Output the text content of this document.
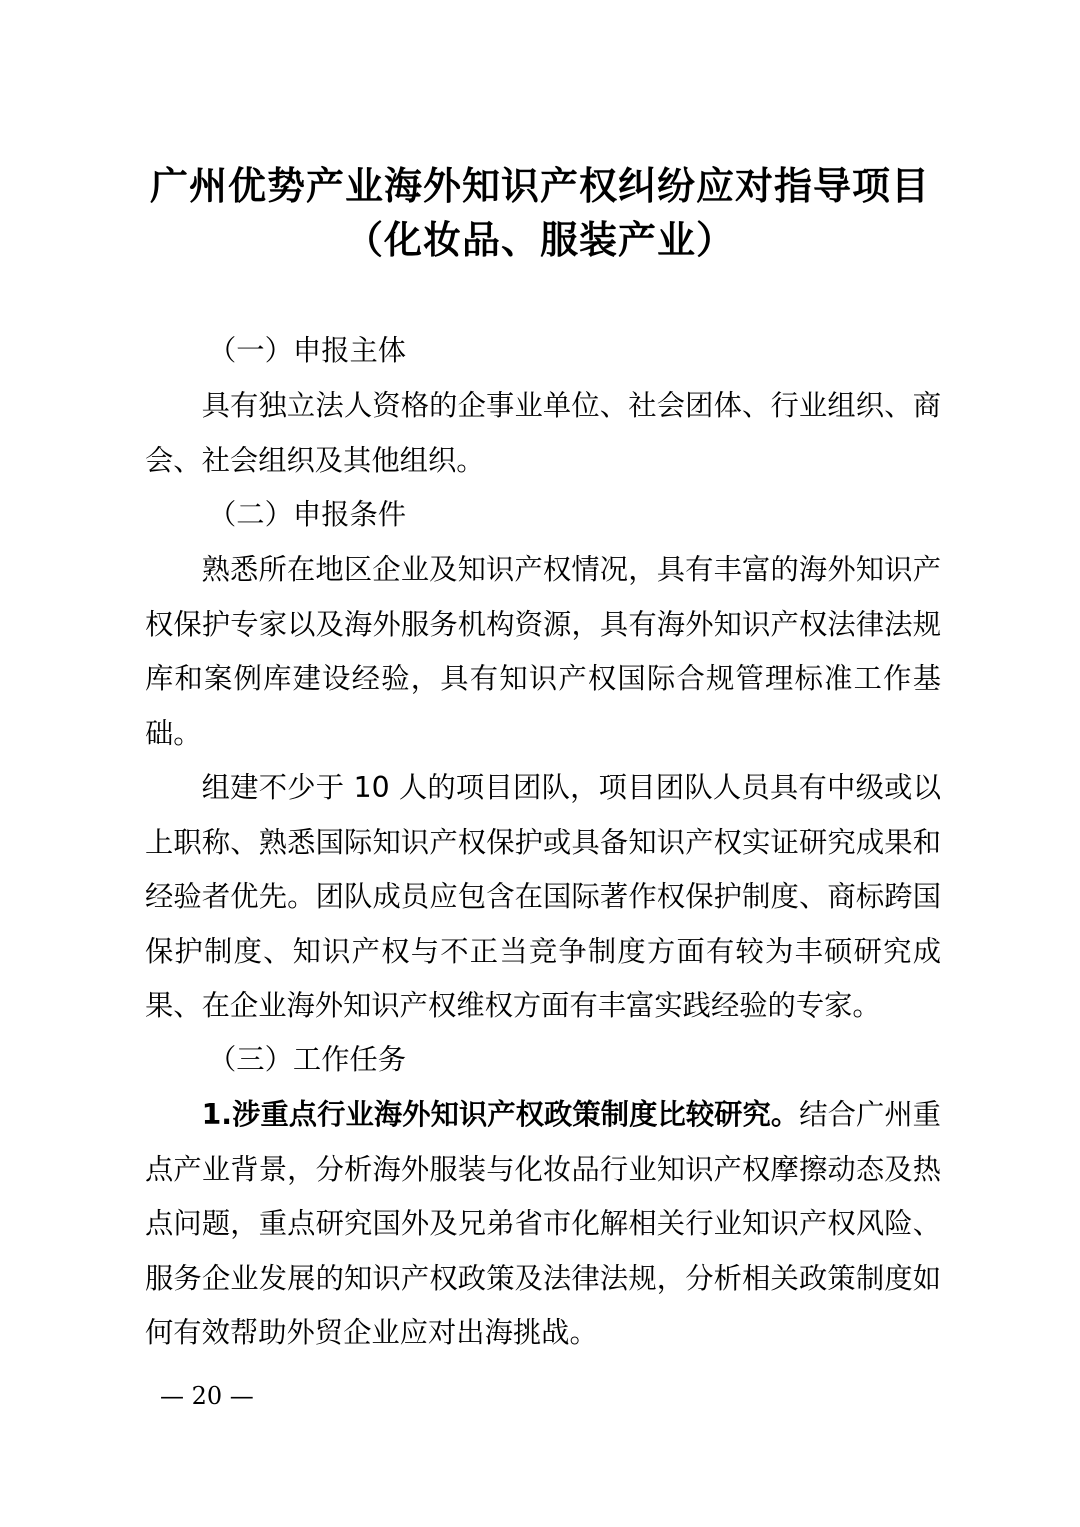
广州优势产业海外知识产权纠纷应对指导项目
（化妆品、服装产业）

（一）申报主体

具有独立法人资格的企事业单位、社会团体、行业组织、商会、社会组织及其他组织。

（二）申报条件

熟悉所在地区企业及知识产权情况，具有丰富的海外知识产权保护专家以及海外服务机构资源，具有海外知识产权法律法规库和案例库建设经验，具有知识产权国际合规管理标准工作基础。

组建不少于 10 人的项目团队，项目团队人员具有中级或以上职称、熟悉国际知识产权保护或具备知识产权实证研究成果和经验者优先。团队成员应包含在国际著作权保护制度、商标跨国保护制度、知识产权与不正当竞争制度方面有较为丰硕研究成果、在企业海外知识产权维权方面有丰富实践经验的专家。

（三）工作任务

1.涉重点行业海外知识产权政策制度比较研究。结合广州重点产业背景，分析海外服装与化妆品行业知识产权摩擦动态及热点问题，重点研究国外及兄弟省市化解相关行业知识产权风险、服务企业发展的知识产权政策及法律法规，分析相关政策制度如何有效帮助外贸企业应对出海挑战。

— 20 —
